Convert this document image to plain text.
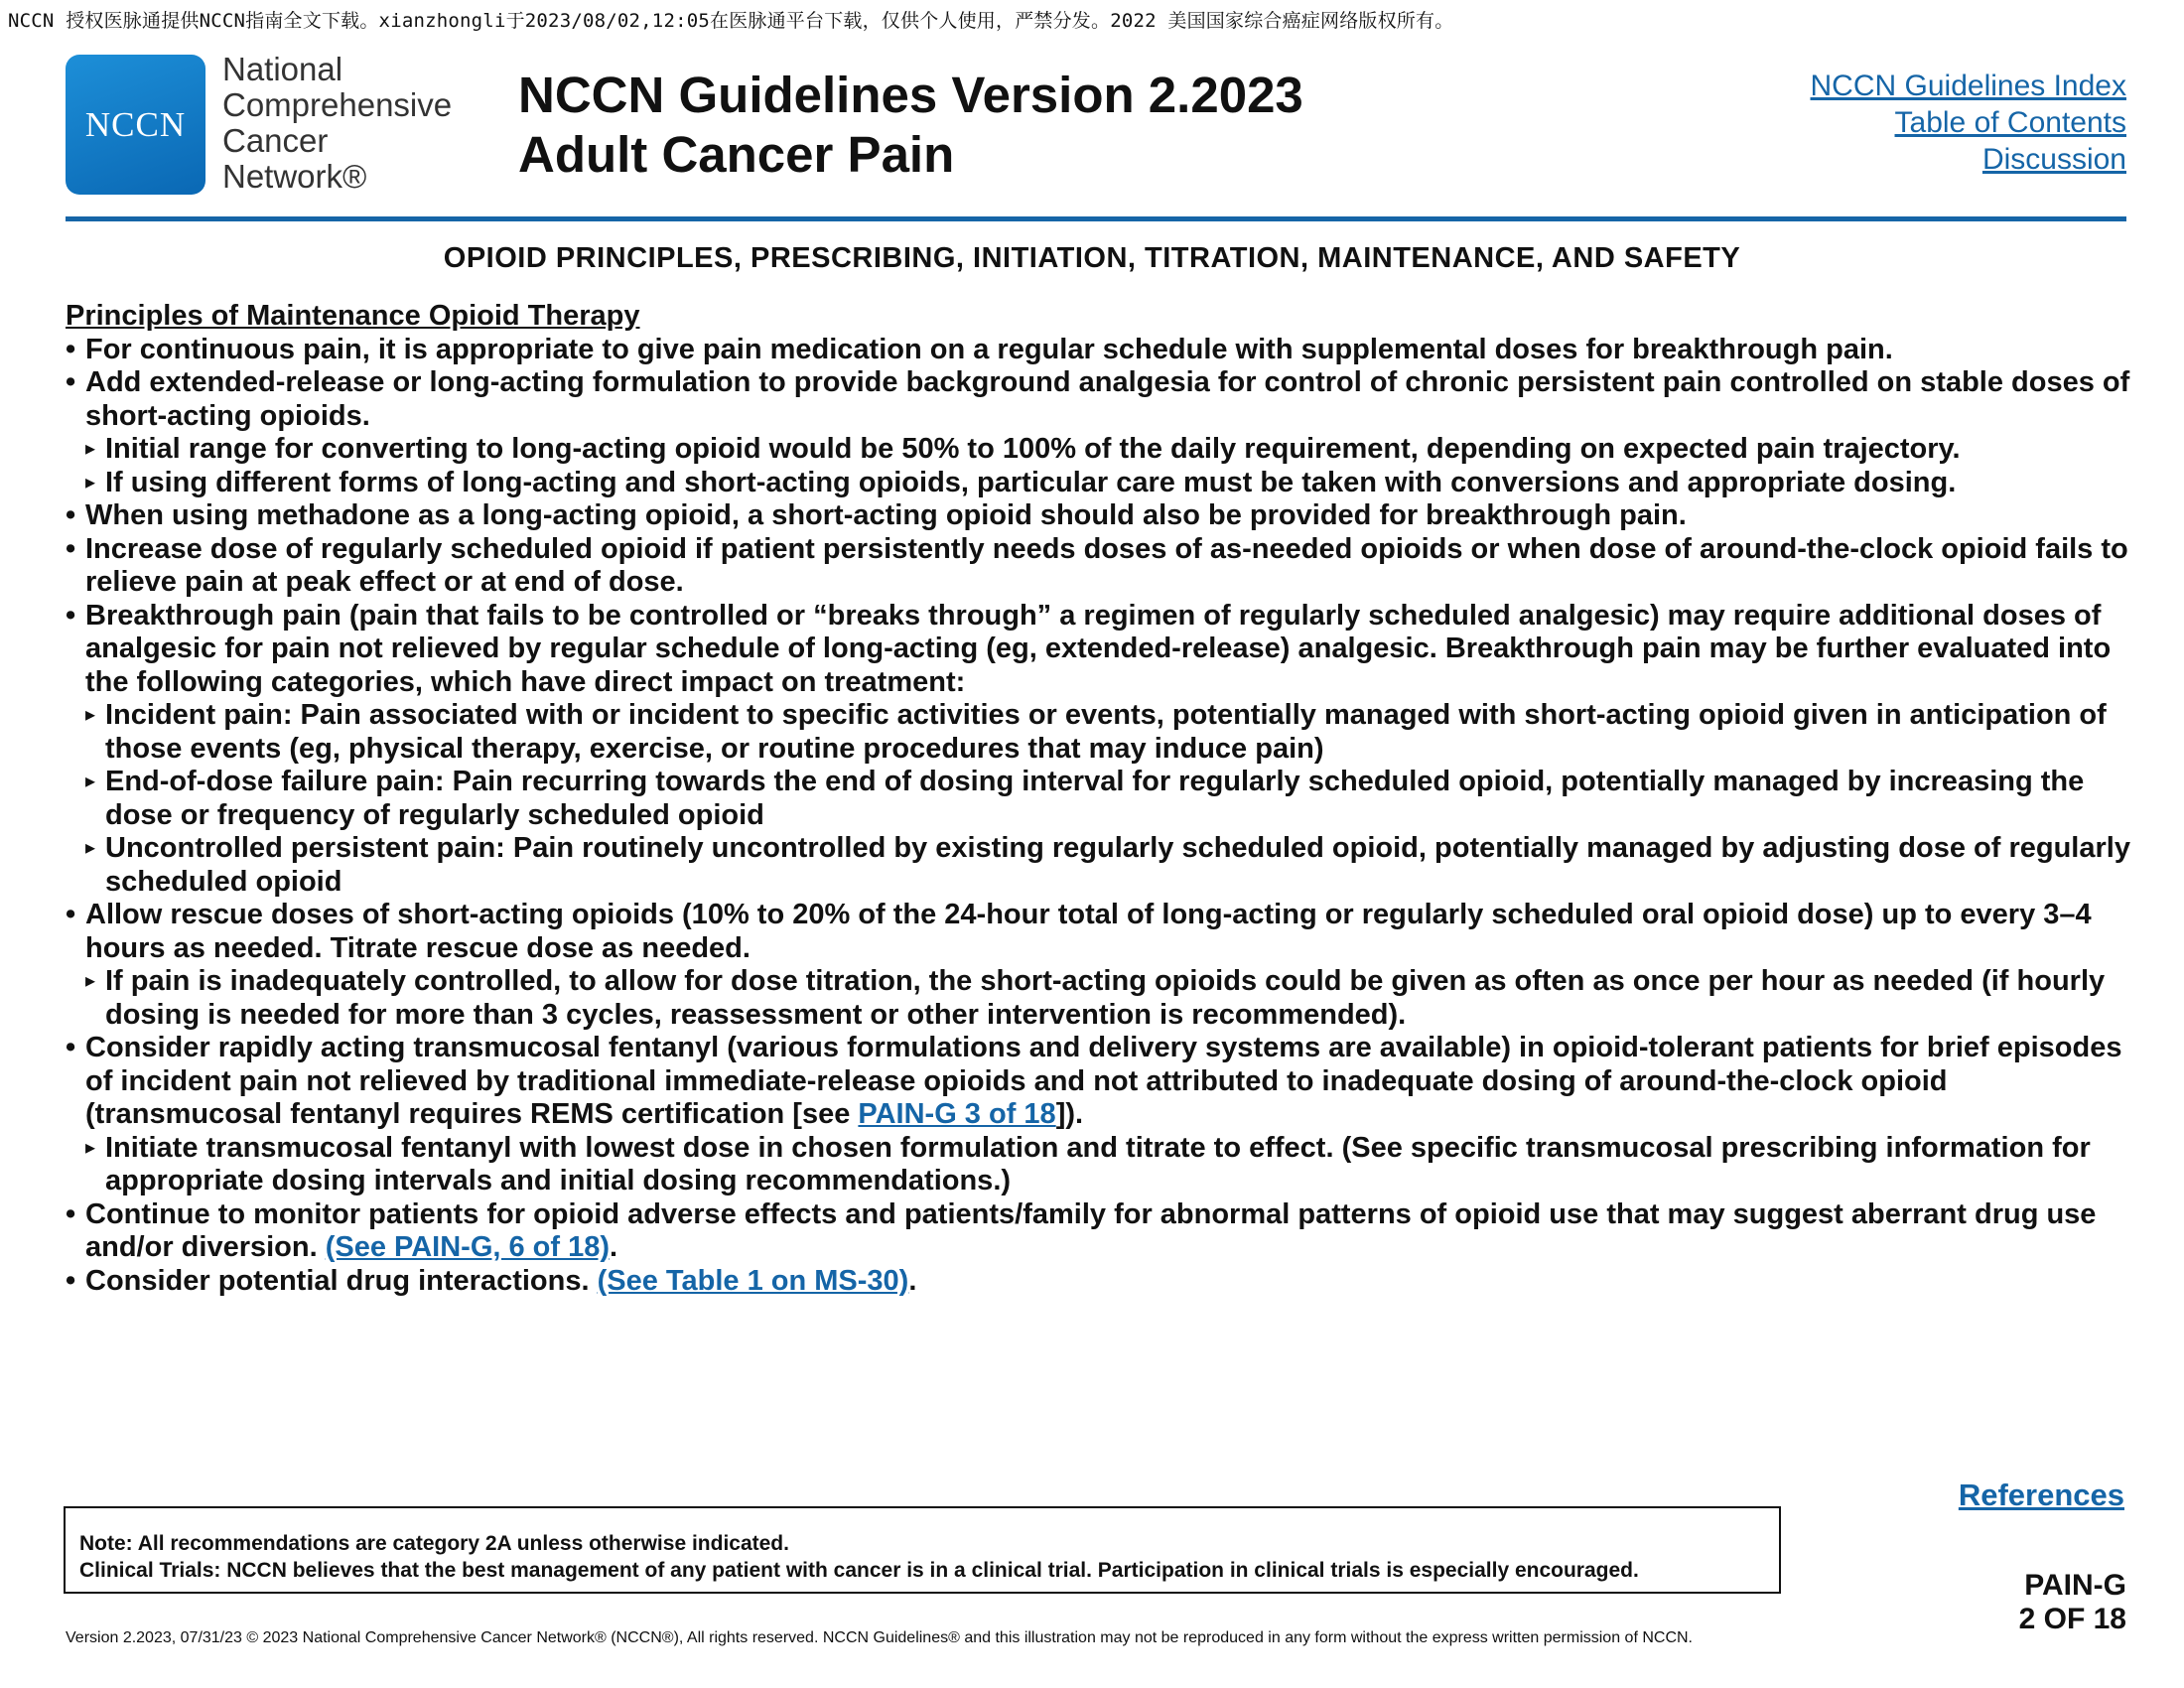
NCCN 授权医脉通提供NCCN指南全文下载。xianzhongli于2023/08/02,12:05在医脉通平台下载，仅供个人使用，严禁分发。2022 美国国家综合癌症网络版权所有。
NCCN
National
Comprehensive
Cancer
Network®
NCCN Guidelines Version 2.2023
Adult Cancer Pain
NCCN Guidelines Index
Table of Contents
Discussion
OPIOID PRINCIPLES, PRESCRIBING, INITIATION, TITRATION, MAINTENANCE, AND SAFETY
Principles of Maintenance Opioid Therapy
• For continuous pain, it is appropriate to give pain medication on a regular schedule with supplemental doses for breakthrough pain.
• Add extended-release or long-acting formulation to provide background analgesia for control of chronic persistent pain controlled on stable doses of short-acting opioids.
▸ Initial range for converting to long-acting opioid would be 50% to 100% of the daily requirement, depending on expected pain trajectory.
▸ If using different forms of long-acting and short-acting opioids, particular care must be taken with conversions and appropriate dosing.
• When using methadone as a long-acting opioid, a short-acting opioid should also be provided for breakthrough pain.
• Increase dose of regularly scheduled opioid if patient persistently needs doses of as-needed opioids or when dose of around-the-clock opioid fails to relieve pain at peak effect or at end of dose.
• Breakthrough pain (pain that fails to be controlled or “breaks through” a regimen of regularly scheduled analgesic) may require additional doses of analgesic for pain not relieved by regular schedule of long-acting (eg, extended-release) analgesic. Breakthrough pain may be further evaluated into the following categories, which have direct impact on treatment:
▸ Incident pain: Pain associated with or incident to specific activities or events, potentially managed with short-acting opioid given in anticipation of those events (eg, physical therapy, exercise, or routine procedures that may induce pain)
▸ End-of-dose failure pain: Pain recurring towards the end of dosing interval for regularly scheduled opioid, potentially managed by increasing the dose or frequency of regularly scheduled opioid
▸ Uncontrolled persistent pain: Pain routinely uncontrolled by existing regularly scheduled opioid, potentially managed by adjusting dose of regularly scheduled opioid
• Allow rescue doses of short-acting opioids (10% to 20% of the 24-hour total of long-acting or regularly scheduled oral opioid dose) up to every 3–4 hours as needed. Titrate rescue dose as needed.
▸ If pain is inadequately controlled, to allow for dose titration, the short-acting opioids could be given as often as once per hour as needed (if hourly dosing is needed for more than 3 cycles, reassessment or other intervention is recommended).
• Consider rapidly acting transmucosal fentanyl (various formulations and delivery systems are available) in opioid-tolerant patients for brief episodes of incident pain not relieved by traditional immediate-release opioids and not attributed to inadequate dosing of around-the-clock opioid (transmucosal fentanyl requires REMS certification [see PAIN-G 3 of 18]).
▸ Initiate transmucosal fentanyl with lowest dose in chosen formulation and titrate to effect. (See specific transmucosal prescribing information for appropriate dosing intervals and initial dosing recommendations.)
• Continue to monitor patients for opioid adverse effects and patients/family for abnormal patterns of opioid use that may suggest aberrant drug use and/or diversion. (See PAIN-G, 6 of 18).
• Consider potential drug interactions. (See Table 1 on MS-30).
References
Note: All recommendations are category 2A unless otherwise indicated.
Clinical Trials: NCCN believes that the best management of any patient with cancer is in a clinical trial. Participation in clinical trials is especially encouraged.	PAIN-G
2 OF 18
Version 2.2023, 07/31/23 © 2023 National Comprehensive Cancer Network® (NCCN®), All rights reserved. NCCN Guidelines® and this illustration may not be reproduced in any form without the express written permission of NCCN.
